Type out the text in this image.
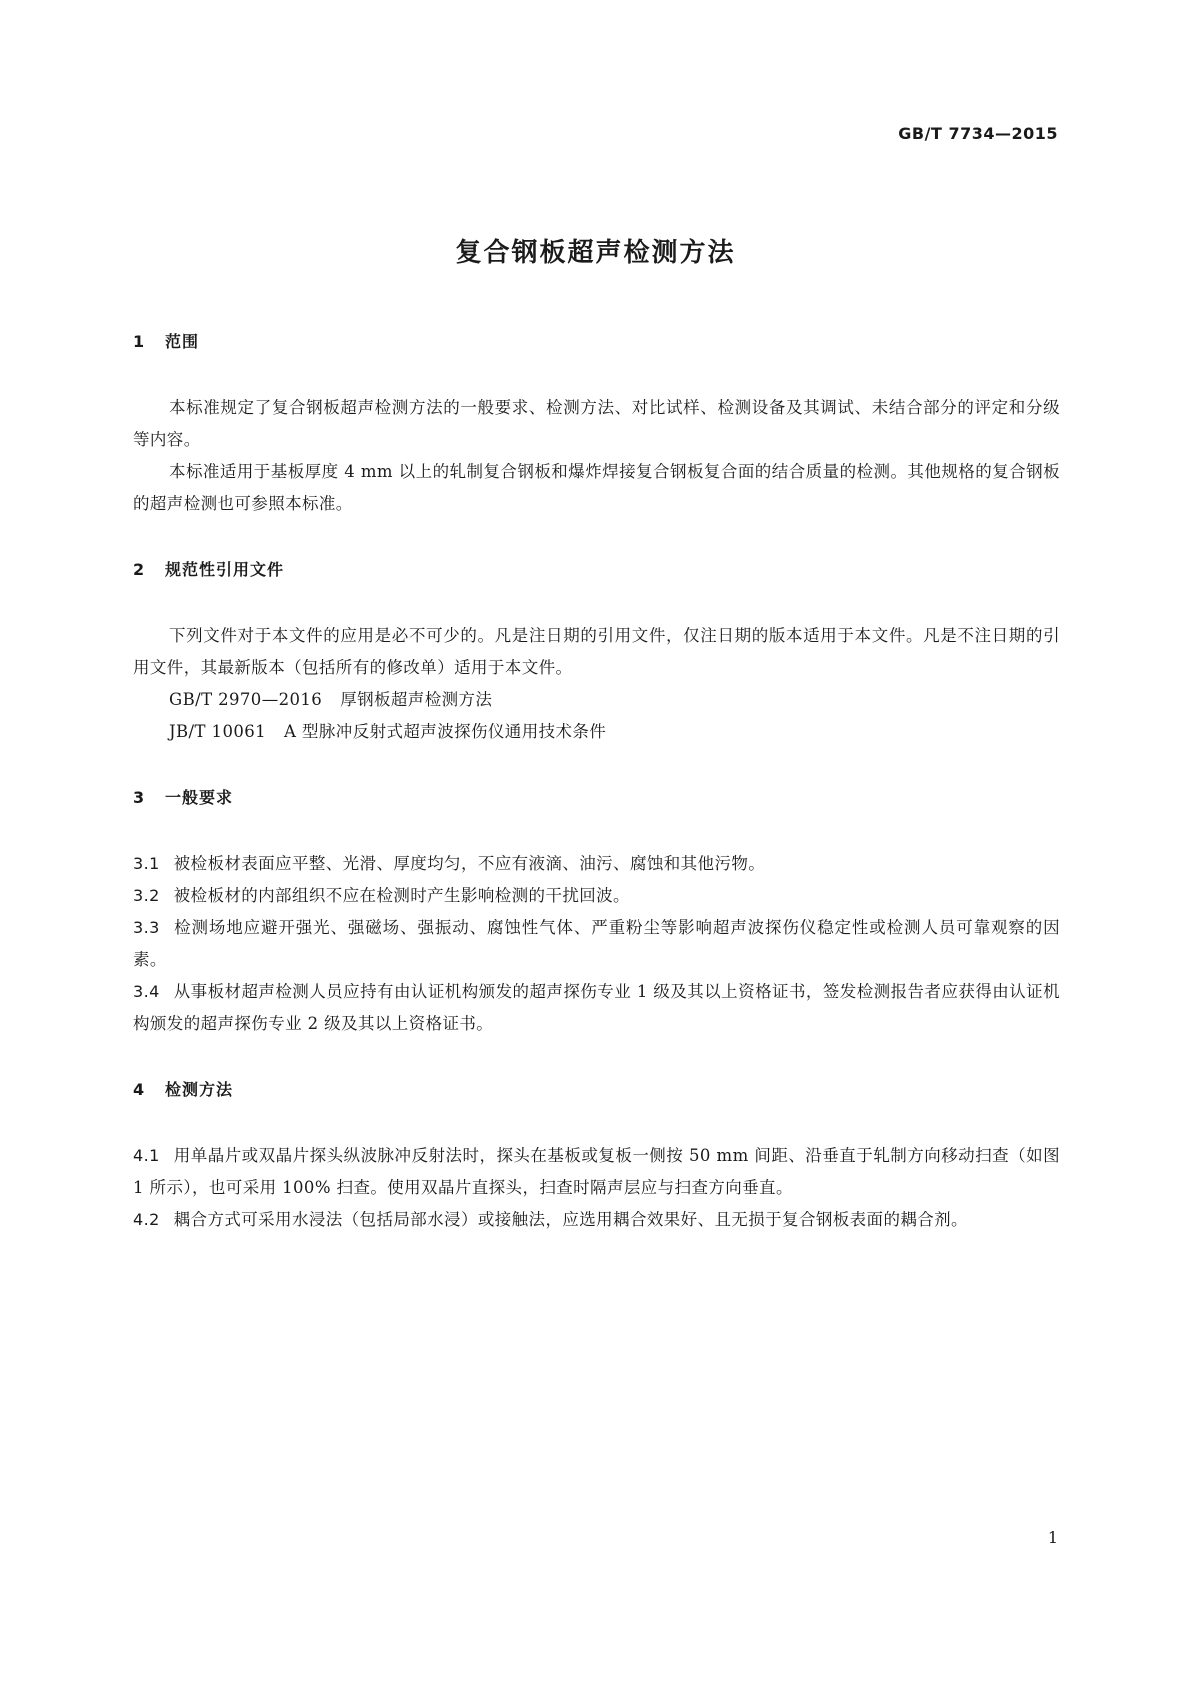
GB/T 7734—2015
复合钢板超声检测方法
1 范围

本标准规定了复合钢板超声检测方法的一般要求、检测方法、对比试样、检测设备及其调试、未结合部分的评定和分级等内容。

本标准适用于基板厚度 4 mm 以上的轧制复合钢板和爆炸焊接复合钢板复合面的结合质量的检测。其他规格的复合钢板的超声检测也可参照本标准。

2 规范性引用文件

下列文件对于本文件的应用是必不可少的。凡是注日期的引用文件，仅注日期的版本适用于本文件。凡是不注日期的引用文件，其最新版本（包括所有的修改单）适用于本文件。

GB/T 2970—2016 厚钢板超声检测方法

JB/T 10061 A 型脉冲反射式超声波探伤仪通用技术条件

3 一般要求

3.1 被检板材表面应平整、光滑、厚度均匀，不应有液滴、油污、腐蚀和其他污物。

3.2 被检板材的内部组织不应在检测时产生影响检测的干扰回波。

3.3 检测场地应避开强光、强磁场、强振动、腐蚀性气体、严重粉尘等影响超声波探伤仪稳定性或检测人员可靠观察的因素。

3.4 从事板材超声检测人员应持有由认证机构颁发的超声探伤专业 1 级及其以上资格证书，签发检测报告者应获得由认证机构颁发的超声探伤专业 2 级及其以上资格证书。

4 检测方法

4.1 用单晶片或双晶片探头纵波脉冲反射法时，探头在基板或复板一侧按 50 mm 间距、沿垂直于轧制方向移动扫查（如图 1 所示），也可采用 100% 扫查。使用双晶片直探头，扫查时隔声层应与扫查方向垂直。

4.2 耦合方式可采用水浸法（包括局部水浸）或接触法，应选用耦合效果好、且无损于复合钢板表面的耦合剂。

1
